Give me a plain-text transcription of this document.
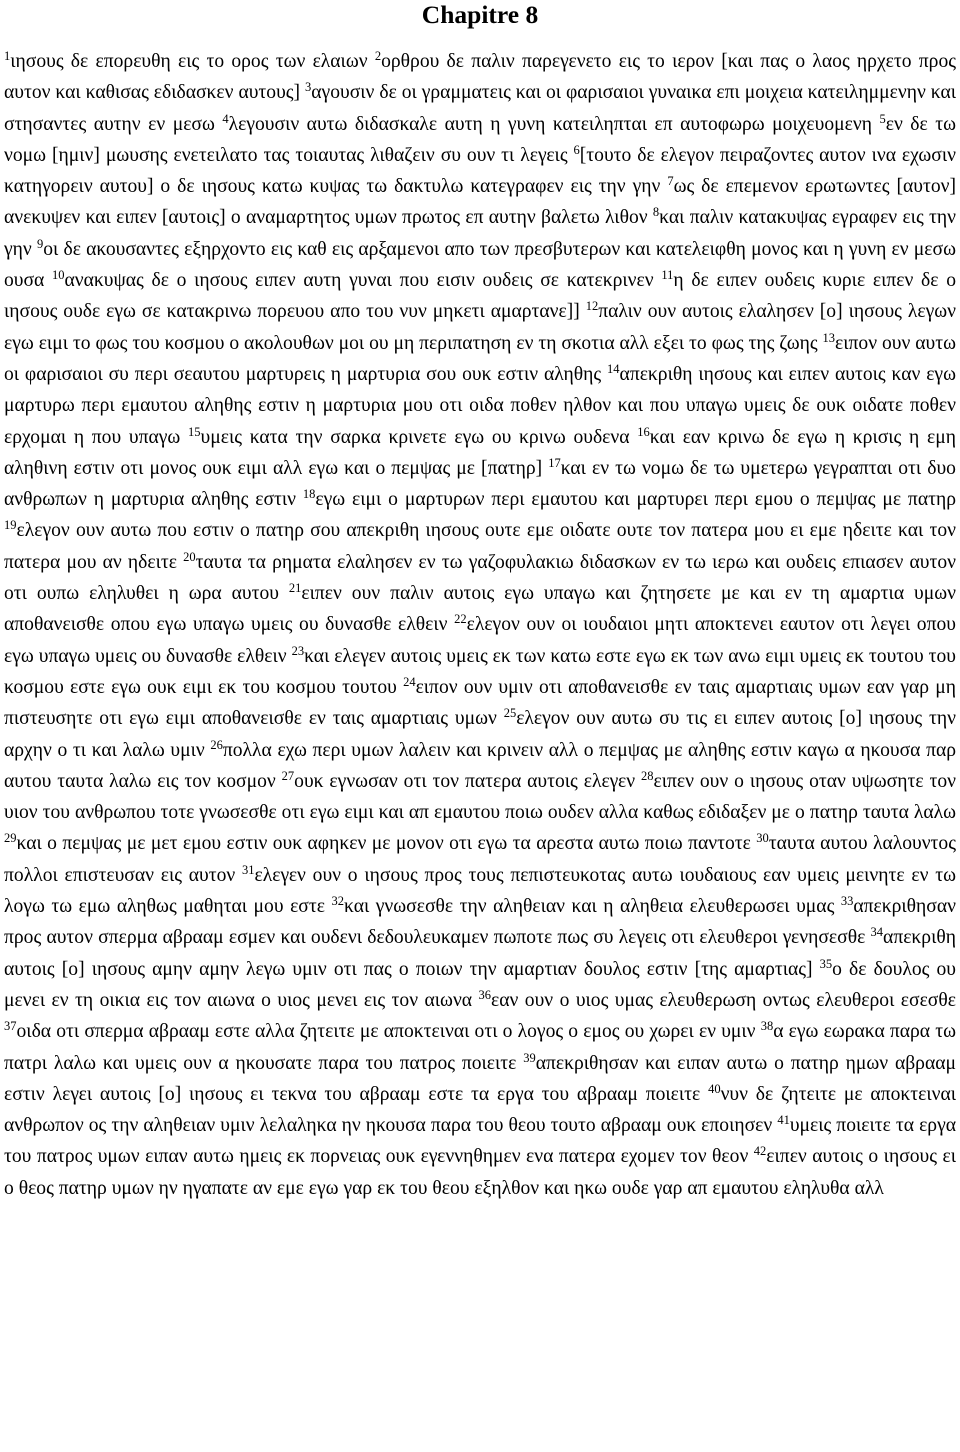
Chapitre 8

$^1$ιησους δε επορευθη εις το ορος των ελαιων $^2$ορθρου δε παλιν παρεγενετο εις το ιερον [και πας ο λαος ηρχετο προς αυτον και καθισας εδιδασκεν αυτους] $^3$αγουσιν δε οι γραμματεις και οι φαρισαιοι γυναικα επι μοιχεια κατειλημμενην και στησαντες αυτην εν μεσω $^4$λεγουσιν αυτω διδασκαλε αυτη η γυνη κατειληπται επ αυτοφωρω μοιχευομενη $^5$εν δε τω νομω [ημιν] μωυσης ενετειλατο τας τοιαυτας λιθαζειν συ ουν τι λεγεις $^6$[τουτο δε ελεγον πειραζοντες αυτον ινα εχωσιν κατηγορειν αυτου] ο δε ιησους κατω κυψας τω δακτυλω κατεγραφεν εις την γην $^7$ως δε επεμενον ερωτωντες [αυτον] ανεκυψεν και ειπεν [αυτοις] ο αναμαρτητος υμων πρωτος επ αυτην βαλετω λιθον $^8$και παλιν κατακυψας εγραφεν εις την γην $^9$οι δε ακουσαντες εξηρχοντο εις καθ εις αρξαμενοι απο των πρεσβυτερων και κατελειφθη μονος και η γυνη εν μεσω ουσα $^{10}$ανακυψας δε ο ιησους ειπεν αυτη γυναι που εισιν ουδεις σε κατεκρινεν $^{11}$η δε ειπεν ουδεις κυριε ειπεν δε ο ιησους ουδε εγω σε κατακρινω πορευου απο του νυν μηκετι αμαρτανε]] $^{12}$παλιν ουν αυτοις ελαλησεν [ο] ιησους λεγων εγω ειμι το φως του κοσμου ο ακολουθων μοι ου μη περιπατηση εν τη σκοτια αλλ εξει το φως της ζωης $^{13}$ειπον ουν αυτω οι φαρισαιοι συ περι σεαυτου μαρτυρεις η μαρτυρια σου ουκ εστιν αληθης $^{14}$απεκριθη ιησους και ειπεν αυτοις καν εγω μαρτυρω περι εμαυτου αληθης εστιν η μαρτυρια μου οτι οιδα ποθεν ηλθον και που υπαγω υμεις δε ουκ οιδατε ποθεν ερχομαι η που υπαγω $^{15}$υμεις κατα την σαρκα κρινετε εγω ου κρινω ουδενα $^{16}$και εαν κρινω δε εγω η κρισις η εμη αληθινη εστιν οτι μονος ουκ ειμι αλλ εγω και ο πεμψας με [πατηρ] $^{17}$και εν τω νομω δε τω υμετερω γεγραπται οτι δυο ανθρωπων η μαρτυρια αληθης εστιν $^{18}$εγω ειμι ο μαρτυρων περι εμαυτου και μαρτυρει περι εμου ο πεμψας με πατηρ $^{19}$ελεγον ουν αυτω που εστιν ο πατηρ σου απεκριθη ιησους ουτε εμε οιδατε ουτε τον πατερα μου ει εμε ηδειτε και τον πατερα μου αν ηδειτε $^{20}$ταυτα τα ρηματα ελαλησεν εν τω γαζοφυλακιω διδασκων εν τω ιερω και ουδεις επιασεν αυτον οτι ουπω εληλυθει η ωρα αυτου $^{21}$ειπεν ουν παλιν αυτοις εγω υπαγω και ζητησετε με και εν τη αμαρτια υμων αποθανεισθε οπου εγω υπαγω υμεις ου δυνασθε ελθειν $^{22}$ελεγον ουν οι ιουδαιοι μητι αποκτενει εαυτον οτι λεγει οπου εγω υπαγω υμεις ου δυνασθε ελθειν $^{23}$και ελεγεν αυτοις υμεις εκ των κατω εστε εγω εκ των ανω ειμι υμεις εκ τουτου του κοσμου εστε εγω ουκ ειμι εκ του κοσμου τουτου $^{24}$ειπον ουν υμιν οτι αποθανεισθε εν ταις αμαρτιαις υμων εαν γαρ μη πιστευσητε οτι εγω ειμι αποθανεισθε εν ταις αμαρτιαις υμων $^{25}$ελεγον ουν αυτω συ τις ει ειπεν αυτοις [ο] ιησους την αρχην ο τι και λαλω υμιν $^{26}$πολλα εχω περι υμων λαλειν και κρινειν αλλ ο πεμψας με αληθης εστιν καγω α ηκουσα παρ αυτου ταυτα λαλω εις τον κοσμον $^{27}$ουκ εγνωσαν οτι τον πατερα αυτοις ελεγεν $^{28}$ειπεν ουν ο ιησους οταν υψωσητε τον υιον του ανθρωπου τοτε γνωσεσθε οτι εγω ειμι και απ εμαυτου ποιω ουδεν αλλα καθως εδιδαξεν με ο πατηρ ταυτα λαλω $^{29}$και ο πεμψας με μετ εμου εστιν ουκ αφηκεν με μονον οτι εγω τα αρεστα αυτω ποιω παντοτε $^{30}$ταυτα αυτου λαλουντος πολλοι επιστευσαν εις αυτον $^{31}$ελεγεν ουν ο ιησους προς τους πεπιστευκοτας αυτω ιουδαιους εαν υμεις μεινητε εν τω λογω τω εμω αληθως μαθηται μου εστε $^{32}$και γνωσεσθε την αληθειαν και η αληθεια ελευθερωσει υμας $^{33}$απεκριθησαν προς αυτον σπερμα αβρααμ εσμεν και ουδενι δεδουλευκαμεν πωποτε πως συ λεγεις οτι ελευθεροι γενησεσθε $^{34}$απεκριθη αυτοις [ο] ιησους αμην αμην λεγω υμιν οτι πας ο ποιων την αμαρτιαν δουλος εστιν [της αμαρτιας] $^{35}$ο δε δουλος ου μενει εν τη οικια εις τον αιωνα ο υιος μενει εις τον αιωνα $^{36}$εαν ουν ο υιος υμας ελευθερωση οντως ελευθεροι εσεσθε $^{37}$οιδα οτι σπερμα αβρααμ εστε αλλα ζητειτε με αποκτειναι οτι ο λογος ο εμος ου χωρει εν υμιν $^{38}$α εγω εωρακα παρα τω πατρι λαλω και υμεις ουν α ηκουσατε παρα του πατρος ποιειτε $^{39}$απεκριθησαν και ειπαν αυτω ο πατηρ ημων αβρααμ εστιν λεγει αυτοις [ο] ιησους ει τεκνα του αβρααμ εστε τα εργα του αβρααμ ποιειτε $^{40}$νυν δε ζητειτε με αποκτειναι ανθρωπον ος την αληθειαν υμιν λελαληκα ην ηκουσα παρα του θεου τουτο αβρααμ ουκ εποιησεν $^{41}$υμεις ποιειτε τα εργα του πατρος υμων ειπαν αυτω ημεις εκ πορνειας ουκ εγεννηθημεν ενα πατερα εχομεν τον θεον $^{42}$ειπεν αυτοις ο ιησους ει ο θεος πατηρ υμων ην ηγαπατε αν εμε εγω γαρ εκ του θεου εξηλθον και ηκω ουδε γαρ απ εμαυτου εληλυθα αλλ
